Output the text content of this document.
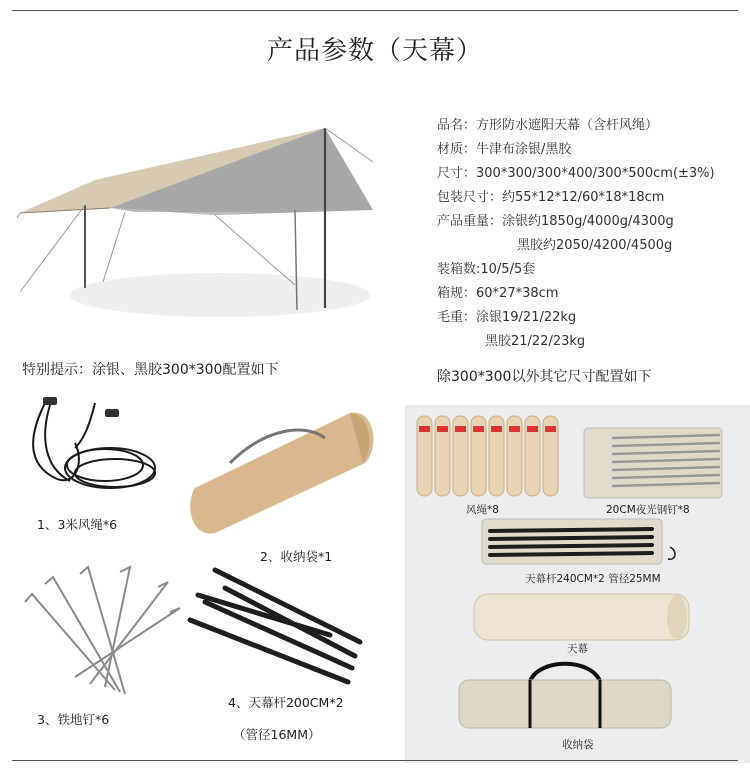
产品参数（天幕）
品名：方形防水遮阳天幕（含杆风绳）
材质：牛津布涂银/黑胶
尺寸：300*300/300*400/300*500cm(±3%)
包装尺寸：约55*12*12/60*18*18cm
产品重量：涂银约1850g/4000g/4300g
黑胶约2050/4200/4500g
装箱数:10/5/5套
箱规：60*27*38cm
毛重：涂银19/21/22kg
黑胶21/22/23kg
特别提示：涂银、黑胶300*300配置如下	除300*300以外其它尺寸配置如下
1、3米风绳*6
2、收纳袋*1
3、铁地钉*6
4、天幕杆200CM*2
（管径16MM）
风绳*8	20CM夜光钢钉*8
天幕杆240CM*2 管径25MM
天幕
收纳袋
